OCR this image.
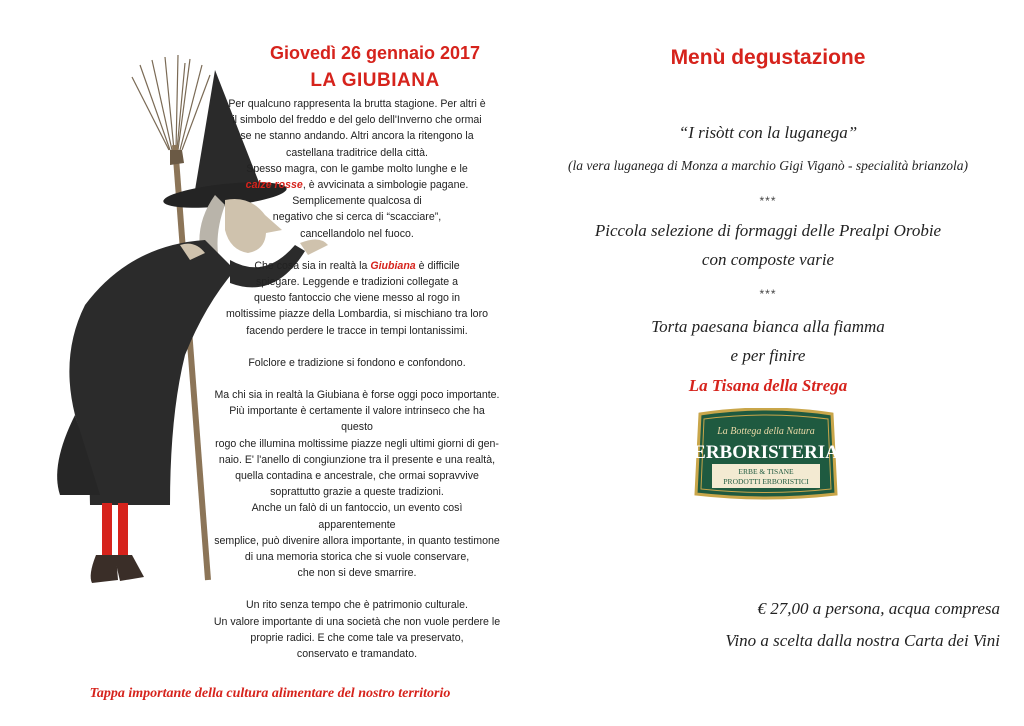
Giovedì 26 gennaio 2017
LA GIUBIANA

Per qualcuno rappresenta la brutta stagione. Per altri è

il simbolo del freddo e del gelo dell'Inverno che ormai

se ne stanno andando. Altri ancora la ritengono la

castellana traditrice della città.

Spesso magra, con le gambe molto lunghe e le

calze rosse, è avvicinata a simbologie pagane.

Semplicemente qualcosa di

negativo che si cerca di “scacciare”,

cancellandolo nel fuoco.

Che cosa sia in realtà la Giubiana è difficile

spiegare. Leggende e tradizioni collegate a

questo fantoccio che viene messo al rogo in

moltissime piazze della Lombardia, si mischiano tra loro

facendo perdere le tracce in tempi lontanissimi.

Folclore e tradizione si fondono e confondono.

Ma chi sia in realtà la Giubiana è forse oggi poco importante.

Più importante è certamente il valore intrinseco che ha questo

rogo che illumina moltissime piazze negli ultimi giorni di gen-

naio. E' l'anello di congiunzione tra il presente e una realtà,

quella contadina e ancestrale, che ormai sopravvive

soprattutto grazie a queste tradizioni.

Anche un falò di un fantoccio, un evento così apparentemente

semplice, può divenire allora importante, in quanto testimone

di una memoria storica che si vuole conservare,

che non si deve smarrire.

Un rito senza tempo che è patrimonio culturale.

Un valore importante di una società che non vuole perdere le

proprie radici. E che come tale va preservato,

conservato e tramandato.

Tappa importante della cultura alimentare del nostro territorio
Menù degustazione
“I risòtt con la luganega”
(la vera luganega di Monza a marchio Gigi Viganò - specialità brianzola)
***
Piccola selezione di formaggi delle Prealpi Orobie
con composte varie
***
Torta paesana bianca alla fiamma
e per finire
La Tisana della Strega
La Bottega della Natura
ERBORISTERIA
ERBE & TISANE
PRODOTTI ERBORISTICI
€ 27,00 a persona, acqua compresa
Vino a scelta dalla nostra Carta dei Vini
